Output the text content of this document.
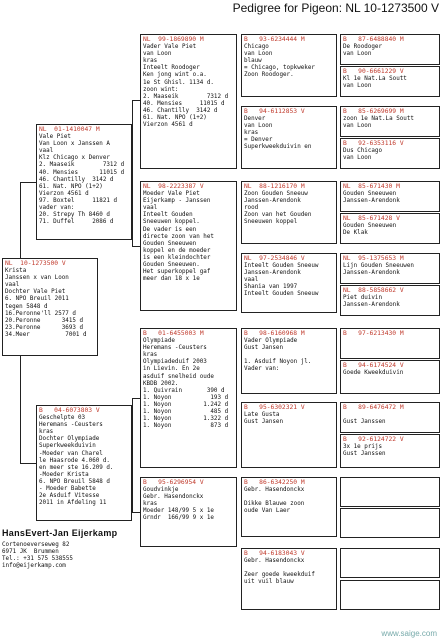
Pedigree for Pigeon: NL 10-1273500 V
NL  10-1273500 V
Krista
Janssen x van Loon
vaal
Dochter Vale Piet
6. NPO Breuil 2011
tegen 5848 d
16.Peronne'll 2577 d
20.Peronne      3415 d
23.Peronne      3693 d
34.Meer          7001 d
NL  01-1410047 M
Vale Piet
Van Loon x Janssen A
vaal
Klz Chicago x Denver
2. Maaseik        7312 d
40. Mensies      11015 d
46. Chantilly  3142 d
61. Nat. NPO (1+2)
Vierzon 4561 d
97. Boxtel     11821 d
vader van:
20. Strepy Th 8460 d
71. Duffel     2086 d
B   04-6073803 V
Geschelpte 03
Heremans -Ceusters
kras
Dochter Olympiade
Superkweekduivin
-Moeder van Charel
le Haasrode 4.060 d.
en meer ste 16.209 d.
-Moeder Krista
6. NPO Breuil 5848 d
- Moeder Babette
2e Asduif Vitesse
2011 in Afdeling 11
NL  99-1869890 M
Vader Vale Piet
van Loon
kras
Inteelt Roodoger
Ken jong wint o.a.
1e St Ghisl. 1134 d.
zoon wint:
2. Maaseik        7312 d
40. Mensies     11015 d
46. Chantilly  3142 d
61. Nat. NPO (1+2)
Vierzon 4561 d
NL  98-2223387 V
Moeder Vale Piet
Eijerkamp - Janssen
vaal
Inteelt Gouden
Sneeuwen koppel.
De vader is een
directe zoon van het
Gouden Sneeuwen
koppel en de moeder
is een kleindochter
Gouden Sneeuwen.
Het superkoppel gaf
meer dan 18 x 1e
B   01-6455003 M
Olympiade
Heremans -Ceusters
kras
Olympiadeduif 2003
in Lievin. En 2e
asduif snelheid oude
KBDB 2002.
1. Quivrain       390 d
1. Noyon           193 d
1. Noyon         1.242 d
1. Noyon           485 d
1. Noyon         1.322 d
1. Noyon           873 d
B   95-6296954 V
Goudvinkje
Gebr. Hasendonckx
kras
Moeder 148/99 5 x 1e
Grndr  166/99 9 x 1e
B   93-6234444 M
Chicago
van Loon
blauw
= Chicago, topkweker
Zoon Roodoger.
B   94-6112853 V
Denver
van Loon
kras
= Denver
Superkweekduivin en
NL  88-1216170 M
Zoon Gouden Sneeuw
Janssen-Arendonk
rood
Zoon van het Gouden
Sneeuwen koppel
NL  97-2534846 V
Inteelt Gouden Sneeuw
Janssen-Arendonk
vaal
Shania van 1997
Inteelt Gouden Sneeuw
B   98-6160968 M
Vader Olympiade
Gust Jansen

1. Asduif Noyon jl.
Vader van:
B   95-6302321 V
Late Gusta
Gust Jansen
B   86-6342250 M
Gebr. Hasendonckx

Dikke Blauwe zoon
oude Van Laer
B   94-6183043 V
Gebr. Hasendonckx

Zeer goede kweekduif
uit vuil blauw
B   87-6488840 M
De Roodoger
van Loon
B   90-6661229 V
Kl 1e Nat.La Soutt
van Loon
B   85-6269699 M
zoon 1e Nat.La Soutt
van Loon
B   92-6353116 V
Dus Chicago
van Loon
NL  85-671430 M
Gouden Sneeuwen
Janssen-Arendonk
NL  85-671428 V
Gouden Sneeuwen
De Klak
NL  95-1375653 M
Lijn Gouden Sneeuwen
Janssen-Arendonk
NL  88-5858662 V
Piet duivin
Janssen-Arendonk
B   97-6213430 M

B   94-6174524 V
Goede Kweekduivin
B   89-6476472 M

Gust Janssen
B   92-6124722 V
3x 1e prijs
Gust Janssen
HansEvert-Jan Eijerkamp
Cortenoeverseweg 82
6971 JK  Brummen
Tel.: +31 575 538555
info@eijerkamp.com
www.saige.com
